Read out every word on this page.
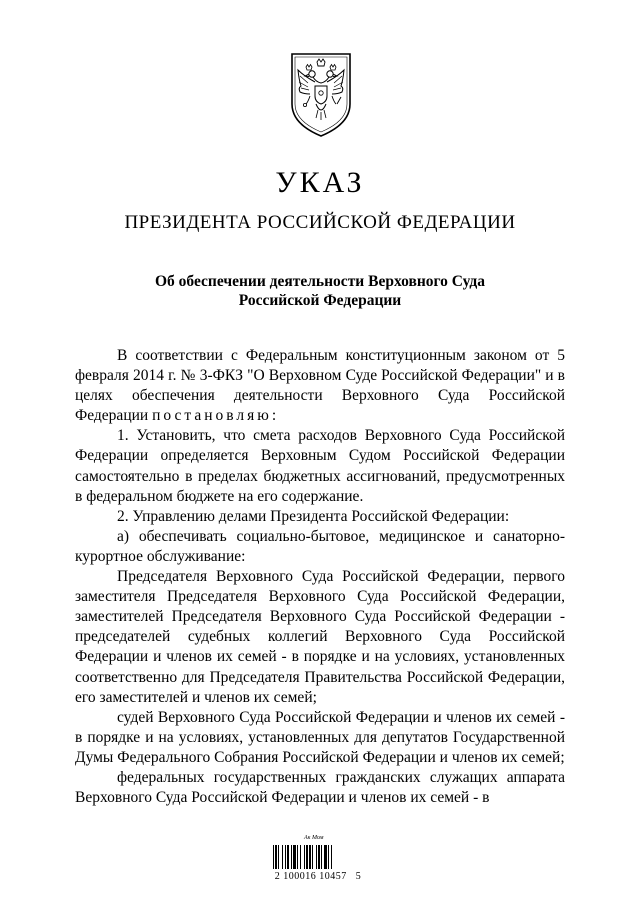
УКАЗ
ПРЕЗИДЕНТА РОССИЙСКОЙ ФЕДЕРАЦИИ
Об обеспечении деятельности Верховного Суда
Российской Федерации

В соответствии с Федеральным конституционным законом от 5 февраля 2014 г. № 3-ФКЗ "О Верховном Суде Российской Федерации" и в целях обеспечения деятельности Верховного Суда Российской Федерации постановляю:

1. Установить, что смета расходов Верховного Суда Российской Федерации определяется Верховным Судом Российской Федерации самостоятельно в пределах бюджетных ассигнований, предусмотренных в федеральном бюджете на его содержание.

2. Управлению делами Президента Российской Федерации:

а) обеспечивать социально-бытовое, медицинское и санаторно-курортное обслуживание:

Председателя Верховного Суда Российской Федерации, первого заместителя Председателя Верховного Суда Российской Федерации, заместителей Председателя Верховного Суда Российской Федерации - председателей судебных коллегий Верховного Суда Российской Федерации и членов их семей - в порядке и на условиях, установленных соответственно для Председателя Правительства Российской Федерации, его заместителей и членов их семей;

судей Верховного Суда Российской Федерации и членов их семей - в порядке и на условиях, установленных для депутатов Государственной Думы Федерального Собрания Российской Федерации и членов их семей;

федеральных государственных гражданских служащих аппарата Верховного Суда Российской Федерации и членов их семей - в

Ак Мом
2 100016 10457   5
